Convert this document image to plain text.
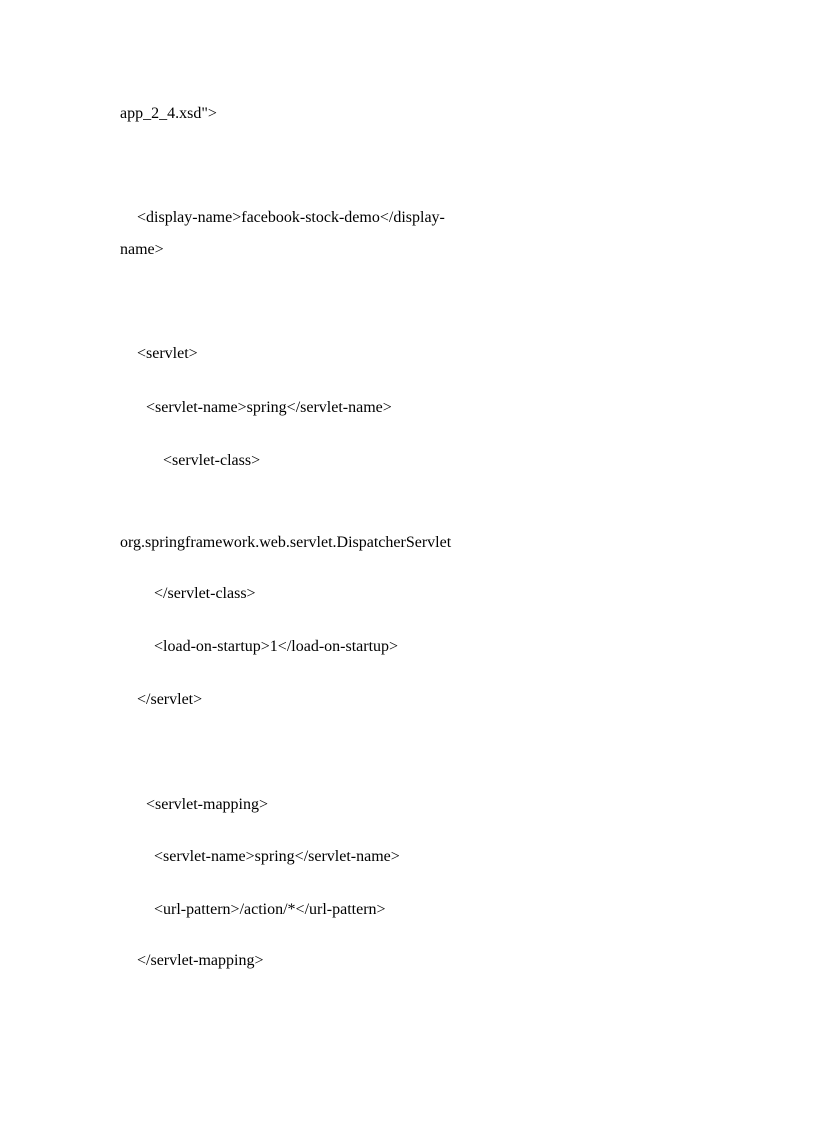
app_2_4.xsd">
<display-name>facebook-stock-demo</display-
name>
<servlet>
<servlet-name>spring</servlet-name>
<servlet-class>
org.springframework.web.servlet.DispatcherServlet
</servlet-class>
<load-on-startup>1</load-on-startup>
</servlet>
<servlet-mapping>
<servlet-name>spring</servlet-name>
<url-pattern>/action/*</url-pattern>
</servlet-mapping>
